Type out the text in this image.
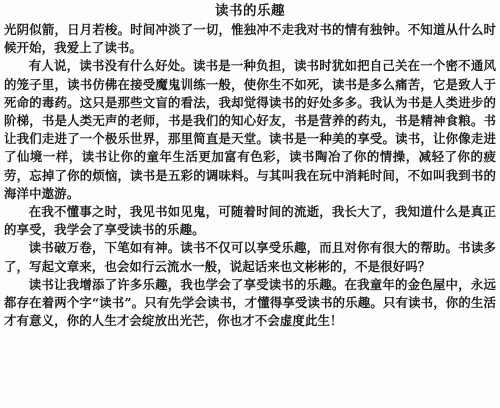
读书的乐趣

光阴似箭，日月若梭。时间冲淡了一切，惟独冲不走我对书的情有独钟。不知道从什么时候开始，我爱上了读书。

有人说，读书没有什么好处。读书是一种负担，读书时犹如把自己关在一个密不通风的笼子里，读书仿佛在接受魔鬼训练一般，使你生不如死，读书是多么痛苦，它是致人于死命的毒药。这只是那些文盲的看法，我却觉得读书的好处多多。我认为书是人类进步的阶梯，书是人类无声的老师，书是我们的知心好友，书是营养的药丸，书是精神食粮。书让我们走进了一个极乐世界，那里简直是天堂。读书是一种美的享受。读书，让你像走进了仙境一样，读书让你的童年生活更加富有色彩，读书陶冶了你的情操，减轻了你的疲劳，忘掉了你的烦恼，读书是五彩的调味料。与其叫我在玩中消耗时间，不如叫我到书的海洋中遨游。

在我不懂事之时，我见书如见鬼，可随着时间的流逝，我长大了，我知道什么是真正的享受，我学会了享受读书的乐趣。

读书破万卷，下笔如有神。读书不仅可以享受乐趣，而且对你有很大的帮助。书读多了，写起文章来，也会如行云流水一般，说起话来也文彬彬的，不是很好吗？

读书让我增添了许多乐趣，我也学会了享受读书的乐趣。在我童年的金色屋中，永远都存在着两个字“读书”。只有先学会读书，才懂得享受读书的乐趣。只有读书，你的生活才有意义，你的人生才会绽放出光芒，你也才不会虚度此生！
